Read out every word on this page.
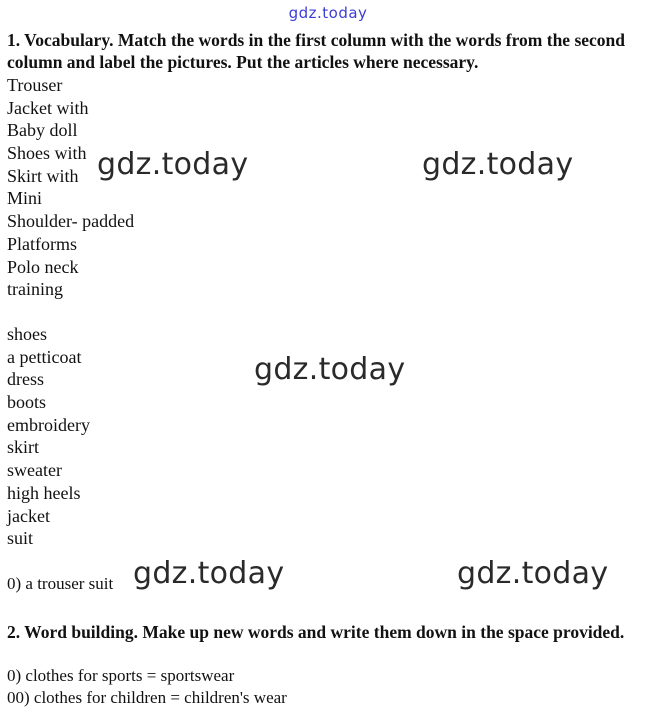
gdz.today
1. Vocabulary. Match the words in the first column with the words from the second column and label the pictures. Put the articles where necessary.
Trouser
Jacket with
Baby doll
Shoes with
Skirt with
Mini
Shoulder- padded
Platforms
Polo neck
training
shoes
a petticoat
dress
boots
embroidery
skirt
sweater
high heels
jacket
suit
0) a trouser suit
2. Word building. Make up new words and write them down in the space provided.
0) clothes for sports = sportswear
00) clothes for children = children's wear
gdz.today	gdz.today
gdz.today
gdz.today	gdz.today
